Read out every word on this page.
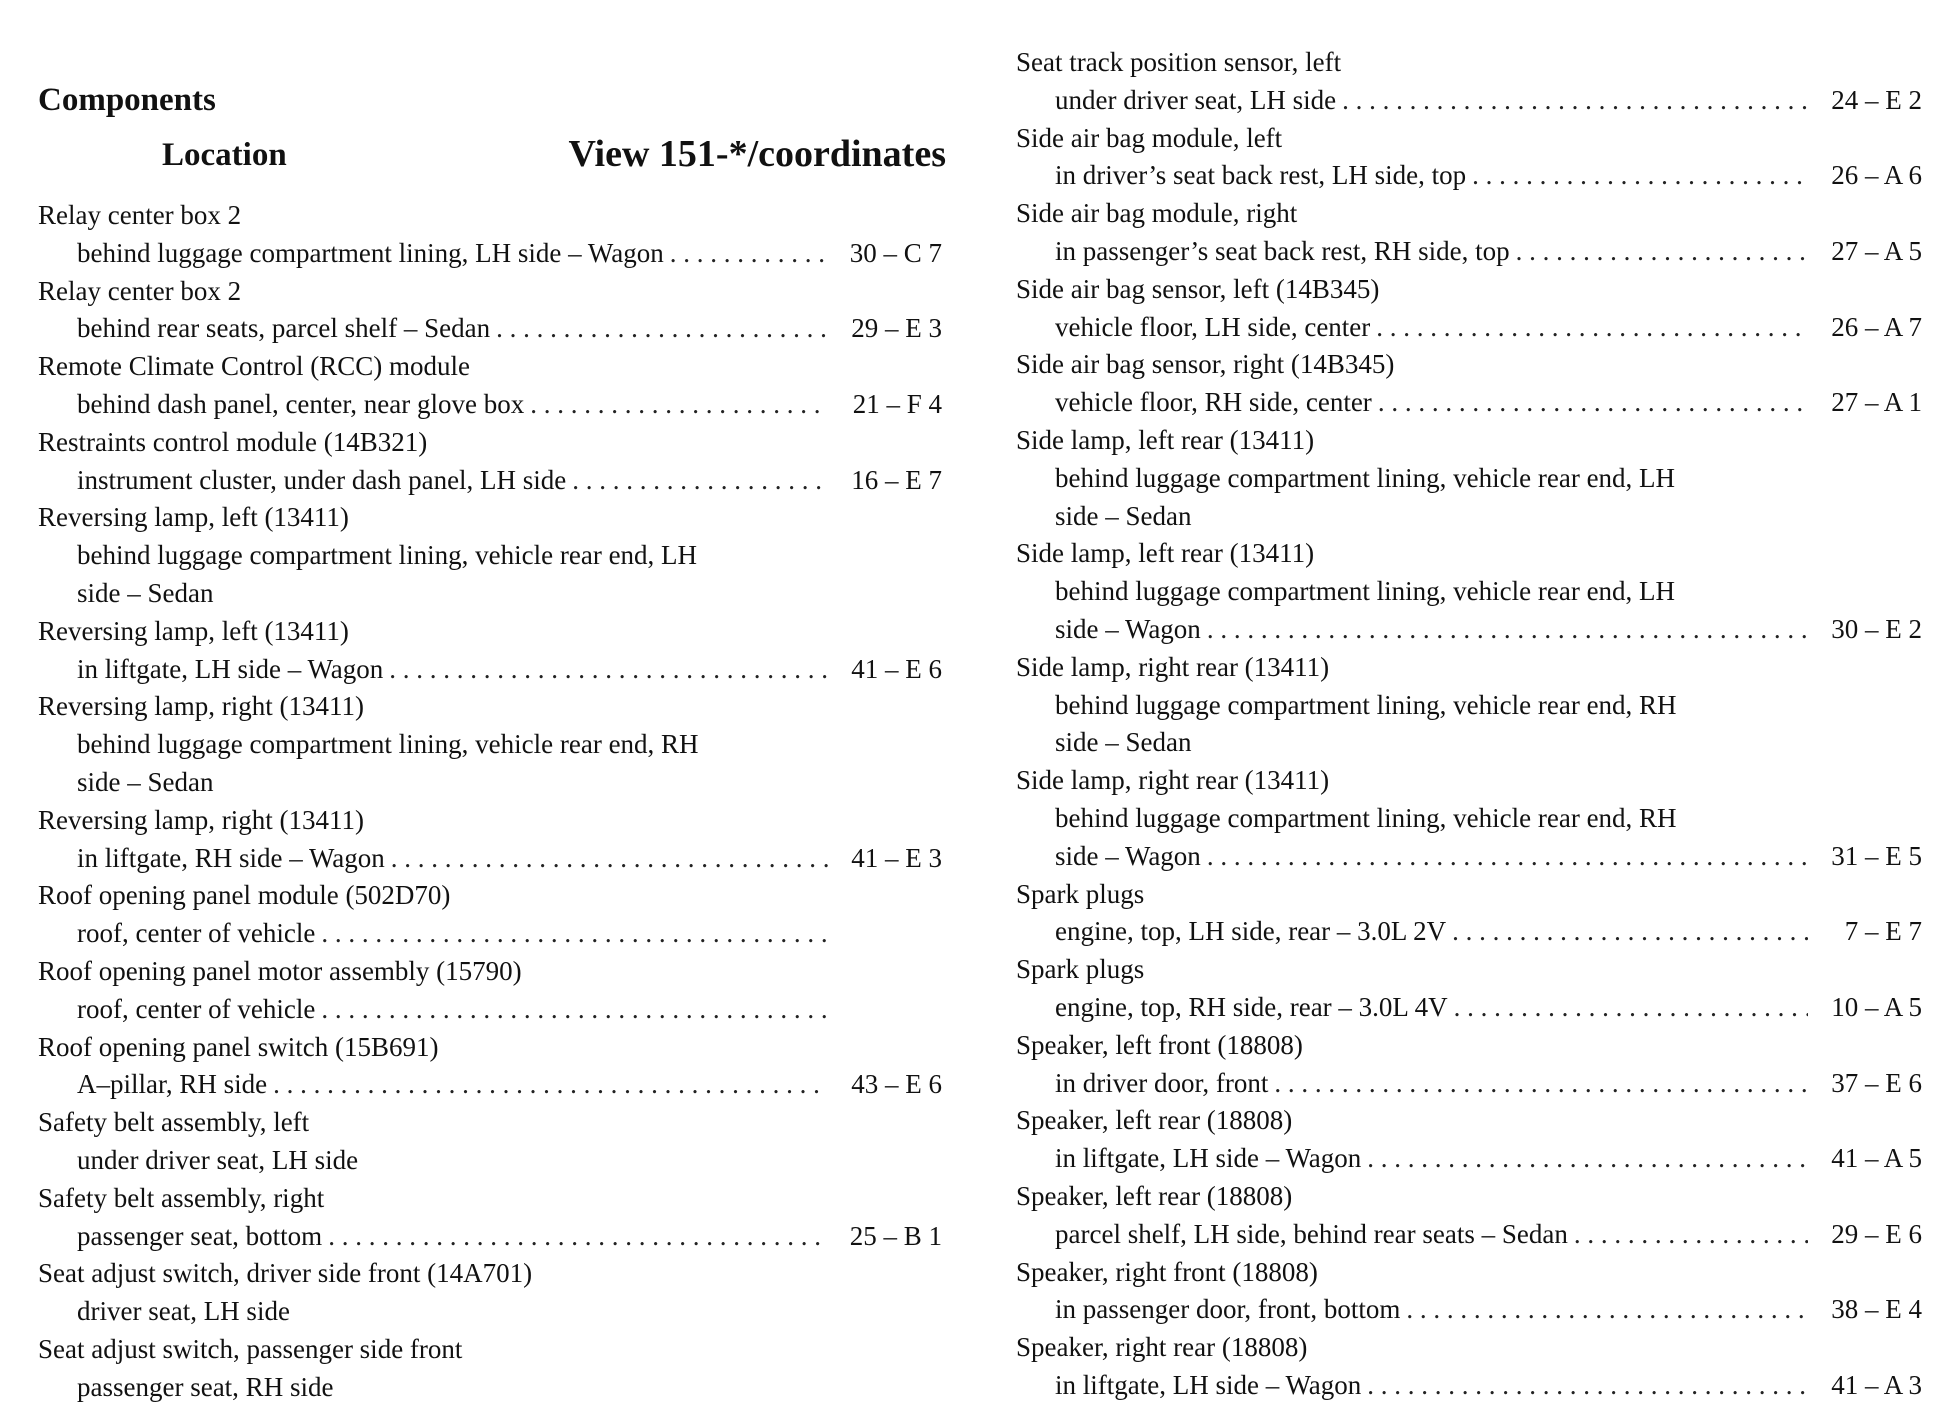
Components
Location	View 151-*/coordinates
Relay center box 2
behind luggage compartment lining, LH side – Wagon . . .	30 – C 7
Relay center box 2
behind rear seats, parcel shelf – Sedan . . .	29 – E 3
Remote Climate Control (RCC) module
behind dash panel, center, near glove box . . .	21 – F 4
Restraints control module (14B321)
instrument cluster, under dash panel, LH side . . .	16 – E 7
Reversing lamp, left (13411)
behind luggage compartment lining, vehicle rear end, LH
side – Sedan
Reversing lamp, left (13411)
in liftgate, LH side – Wagon . . .	41 – E 6
Reversing lamp, right (13411)
behind luggage compartment lining, vehicle rear end, RH
side – Sedan
Reversing lamp, right (13411)
in liftgate, RH side – Wagon . . .	41 – E 3
Roof opening panel module (502D70)
roof, center of vehicle
. . .
Roof opening panel motor assembly (15790)
roof, center of vehicle
. . .
Roof opening panel switch (15B691)
A–pillar, RH side . . .	43 – E 6
Safety belt assembly, left
under driver seat, LH side
Safety belt assembly, right
passenger seat, bottom . . .	25 – B 1
Seat adjust switch, driver side front (14A701)
driver seat, LH side
Seat adjust switch, passenger side front
passenger seat, RH side
Seat track position sensor, left
under driver seat, LH side . . .	24 – E 2
Side air bag module, left
in driver’s seat back rest, LH side, top . . .	26 – A 6
Side air bag module, right
in passenger’s seat back rest, RH side, top . . .	27 – A 5
Side air bag sensor, left (14B345)
vehicle floor, LH side, center . . .	26 – A 7
Side air bag sensor, right (14B345)
vehicle floor, RH side, center . . .	27 – A 1
Side lamp, left rear (13411)
behind luggage compartment lining, vehicle rear end, LH
side – Sedan
Side lamp, left rear (13411)
behind luggage compartment lining, vehicle rear end, LH
side – Wagon . . .	30 – E 2
Side lamp, right rear (13411)
behind luggage compartment lining, vehicle rear end, RH
side – Sedan
Side lamp, right rear (13411)
behind luggage compartment lining, vehicle rear end, RH
side – Wagon . . .	31 – E 5
Spark plugs
engine, top, LH side, rear – 3.0L 2V . . .	7 – E 7
Spark plugs
engine, top, RH side, rear – 3.0L 4V . . .	10 – A 5
Speaker, left front (18808)
in driver door, front . . .	37 – E 6
Speaker, left rear (18808)
in liftgate, LH side – Wagon . . .	41 – A 5
Speaker, left rear (18808)
parcel shelf, LH side, behind rear seats – Sedan . . .	29 – E 6
Speaker, right front (18808)
in passenger door, front, bottom . . .	38 – E 4
Speaker, right rear (18808)
in liftgate, LH side – Wagon . . .	41 – A 3
